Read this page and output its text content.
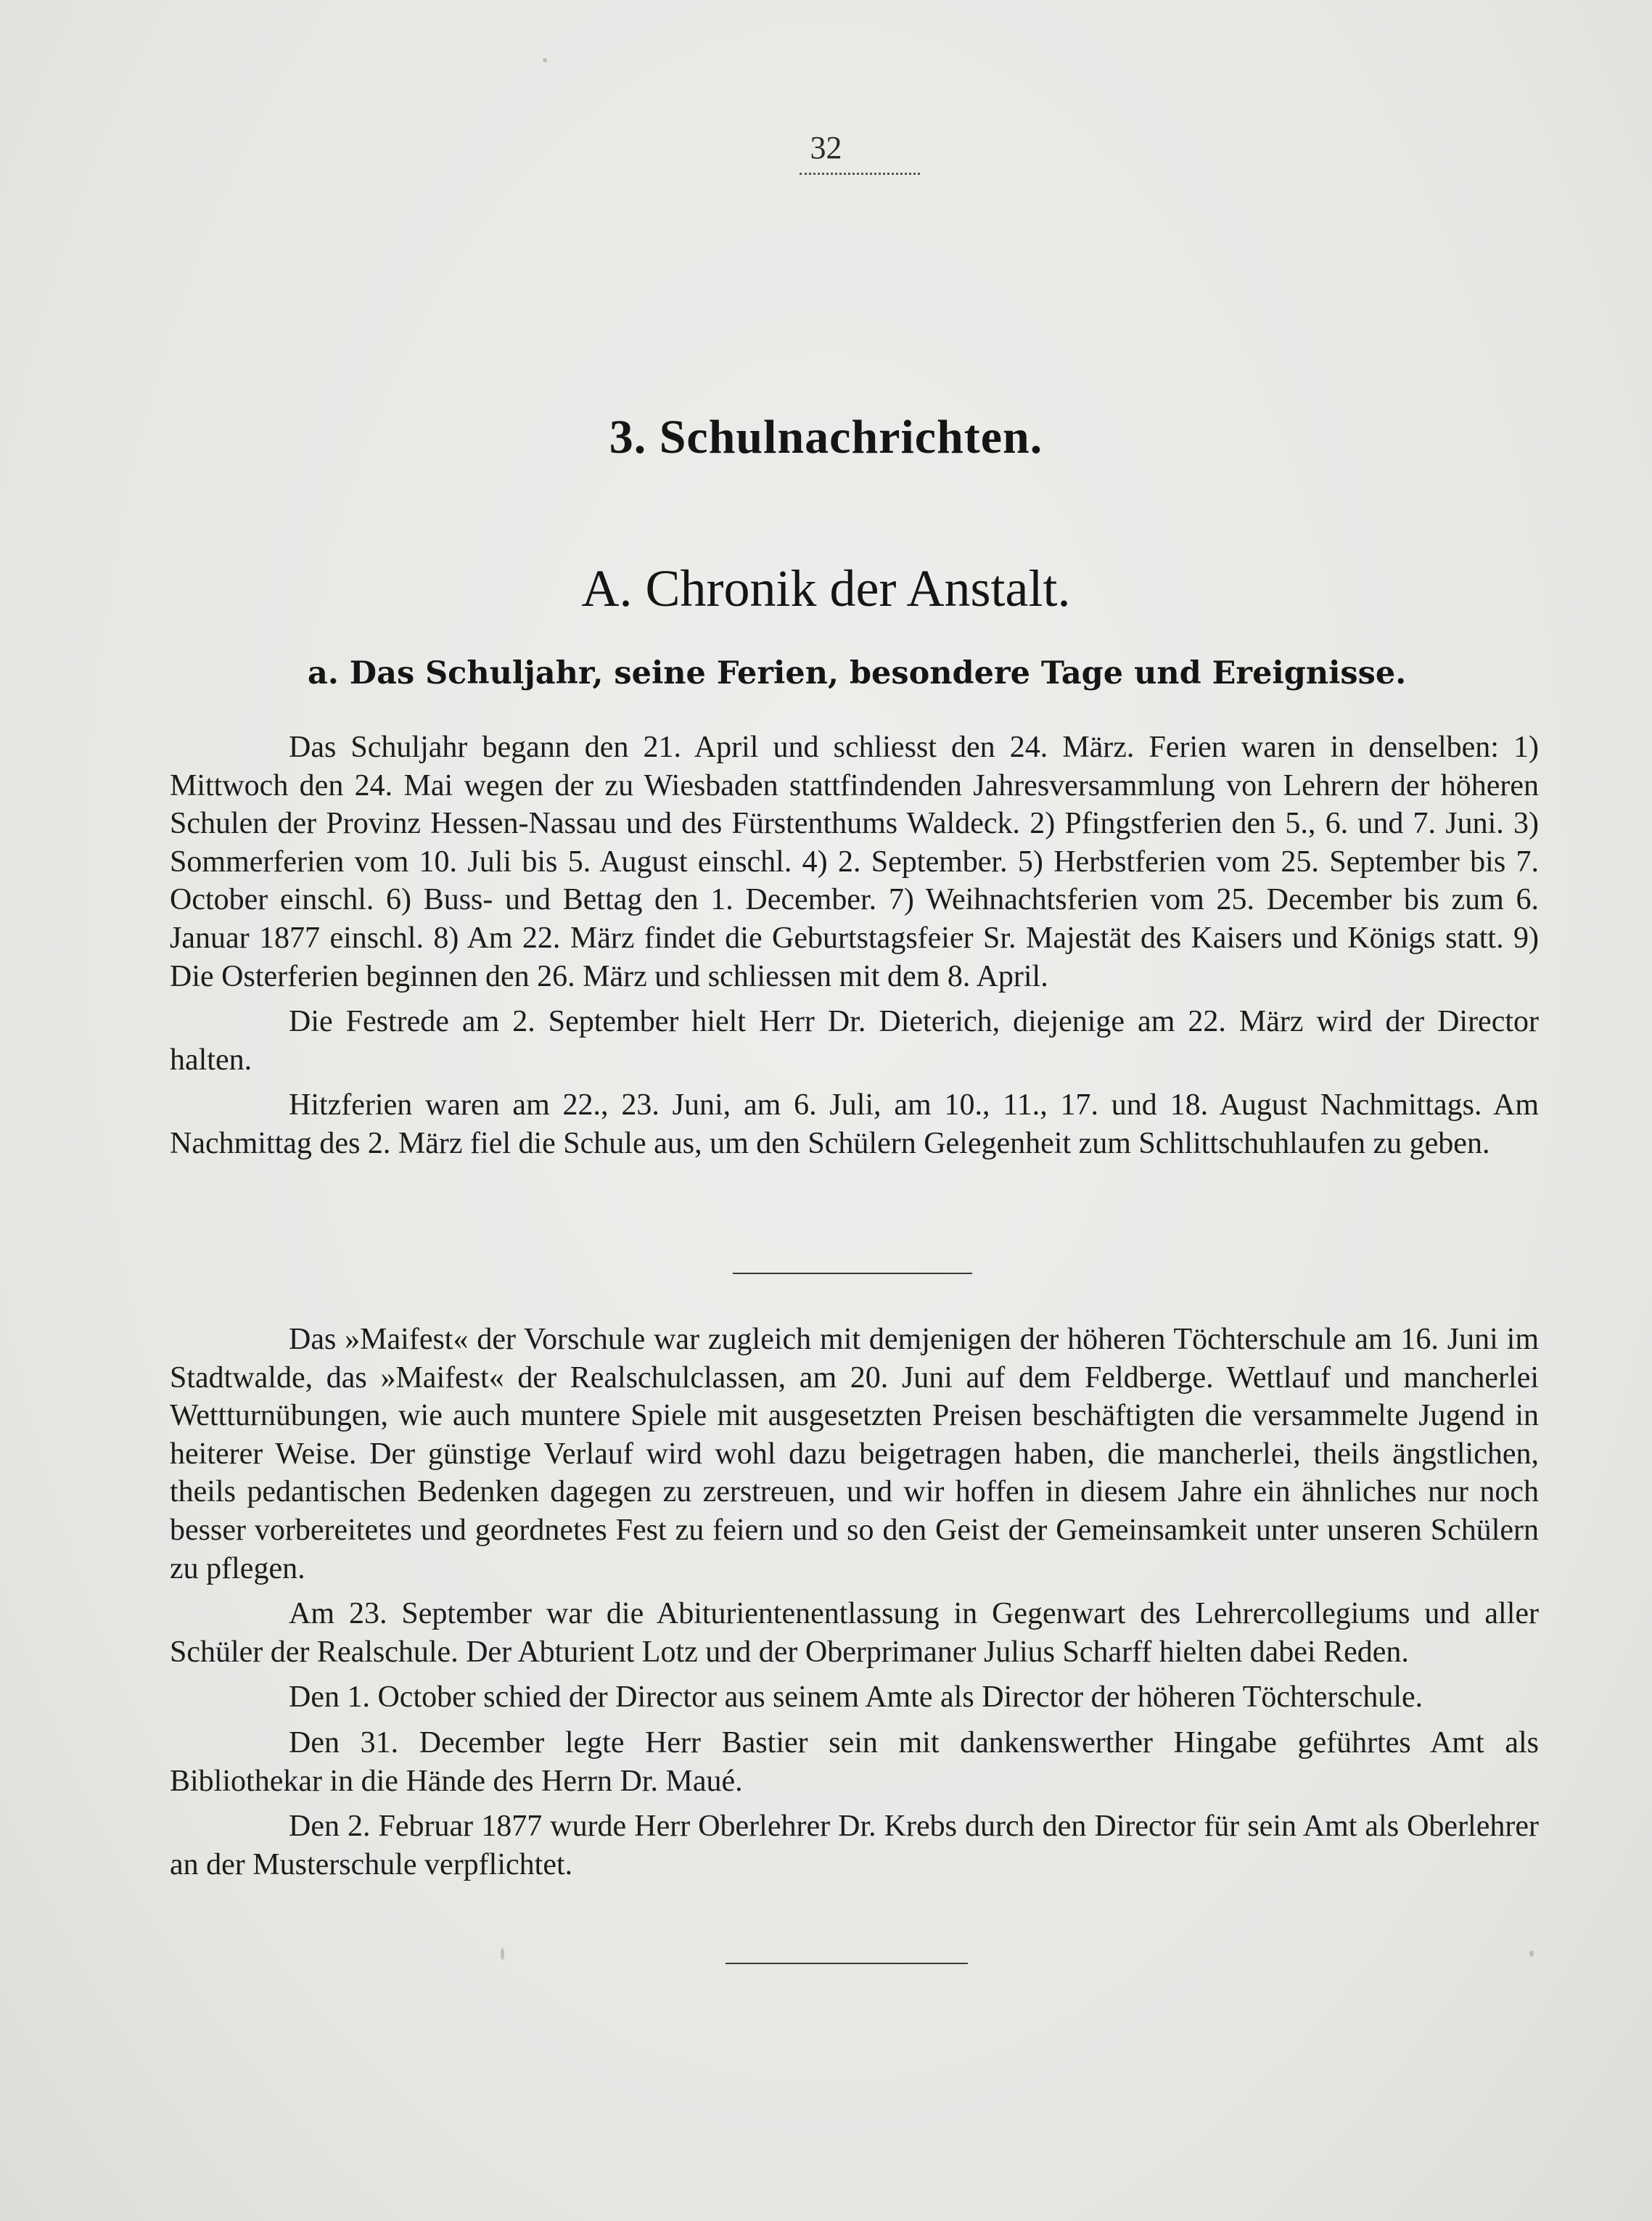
32
3. Schulnachrichten.
A. Chronik der Anstalt.
a. Das Schuljahr, seine Ferien, besondere Tage und Ereignisse.

Das Schuljahr begann den 21. April und schliesst den 24. März. Ferien waren in denselben: 1) Mittwoch den 24. Mai wegen der zu Wiesbaden stattfindenden Jahresversammlung von Lehrern der höheren Schulen der Provinz Hessen-Nassau und des Fürstenthums Waldeck. 2) Pfingstferien den 5., 6. und 7. Juni. 3) Sommerferien vom 10. Juli bis 5. August einschl. 4) 2. September. 5) Herbstferien vom 25. September bis 7. October einschl. 6) Buss- und Bettag den 1. December. 7) Weihnachtsferien vom 25. December bis zum 6. Januar 1877 einschl. 8) Am 22. März findet die Geburtstagsfeier Sr. Majestät des Kaisers und Königs statt. 9) Die Osterferien beginnen den 26. März und schliessen mit dem 8. April.

Die Festrede am 2. September hielt Herr Dr. Dieterich, diejenige am 22. März wird der Director halten.

Hitzferien waren am 22., 23. Juni, am 6. Juli, am 10., 11., 17. und 18. August Nachmittags. Am Nachmittag des 2. März fiel die Schule aus, um den Schülern Gelegenheit zum Schlittschuhlaufen zu geben.

Das »Maifest« der Vorschule war zugleich mit demjenigen der höheren Töchterschule am 16. Juni im Stadtwalde, das »Maifest« der Realschulclassen, am 20. Juni auf dem Feldberge. Wettlauf und mancherlei Wettturnübungen, wie auch muntere Spiele mit ausgesetzten Preisen beschäftigten die versammelte Jugend in heiterer Weise. Der günstige Verlauf wird wohl dazu beigetragen haben, die mancherlei, theils ängstlichen, theils pedantischen Bedenken dagegen zu zerstreuen, und wir hoffen in diesem Jahre ein ähnliches nur noch besser vorbereitetes und geordnetes Fest zu feiern und so den Geist der Gemeinsamkeit unter unseren Schülern zu pflegen.

Am 23. September war die Abiturientenentlassung in Gegenwart des Lehrercollegiums und aller Schüler der Realschule. Der Abturient Lotz und der Oberprimaner Julius Scharff hielten dabei Reden.

Den 1. October schied der Director aus seinem Amte als Director der höheren Töchterschule.

Den 31. December legte Herr Bastier sein mit dankenswerther Hingabe geführtes Amt als Bibliothekar in die Hände des Herrn Dr. Maué.

Den 2. Februar 1877 wurde Herr Oberlehrer Dr. Krebs durch den Director für sein Amt als Oberlehrer an der Musterschule verpflichtet.
